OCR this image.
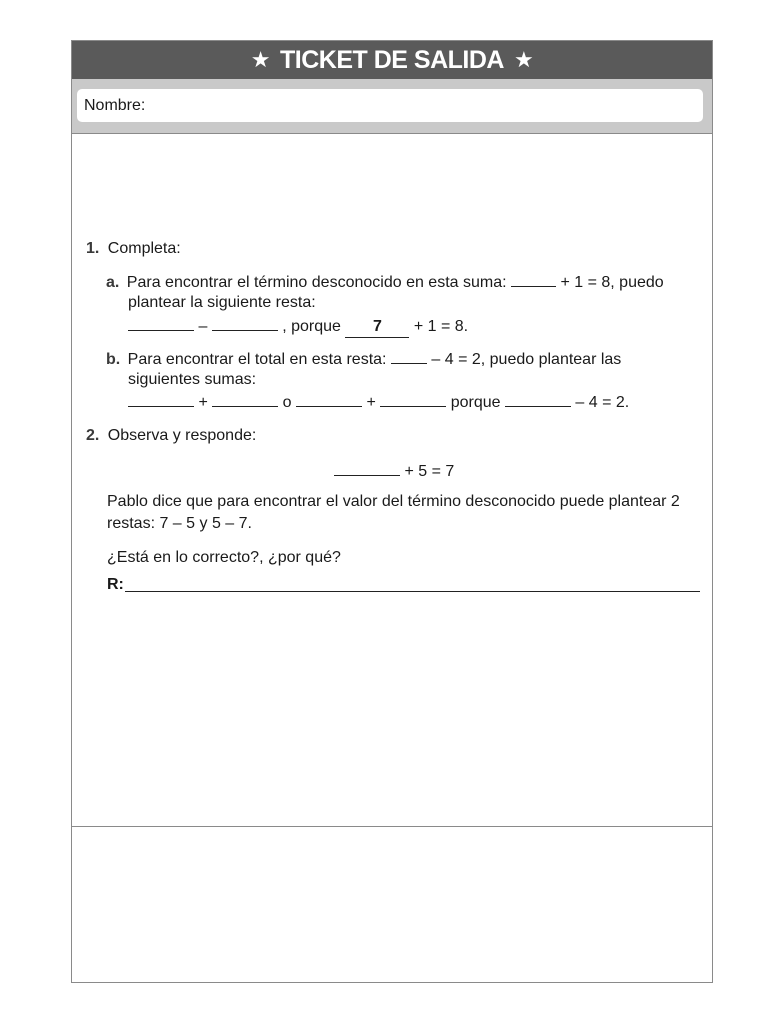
★ TICKET DE SALIDA ★
Nombre:
1. Completa:
a. Para encontrar el término desconocido en esta suma:	+ 1 = 8, puedo
plantear la siguiente resta:
–	, porque 7 + 1 = 8.
b. Para encontrar el total en esta resta:  – 4 = 2, puedo plantear las
siguientes sumas:
+	o	+	porque	– 4 = 2.
2. Observa y responde:
+ 5 = 7
Pablo dice que para encontrar el valor del término desconocido puede plantear 2
restas: 7 – 5 y 5 – 7.
¿Está en lo correcto?, ¿por qué?
R:
